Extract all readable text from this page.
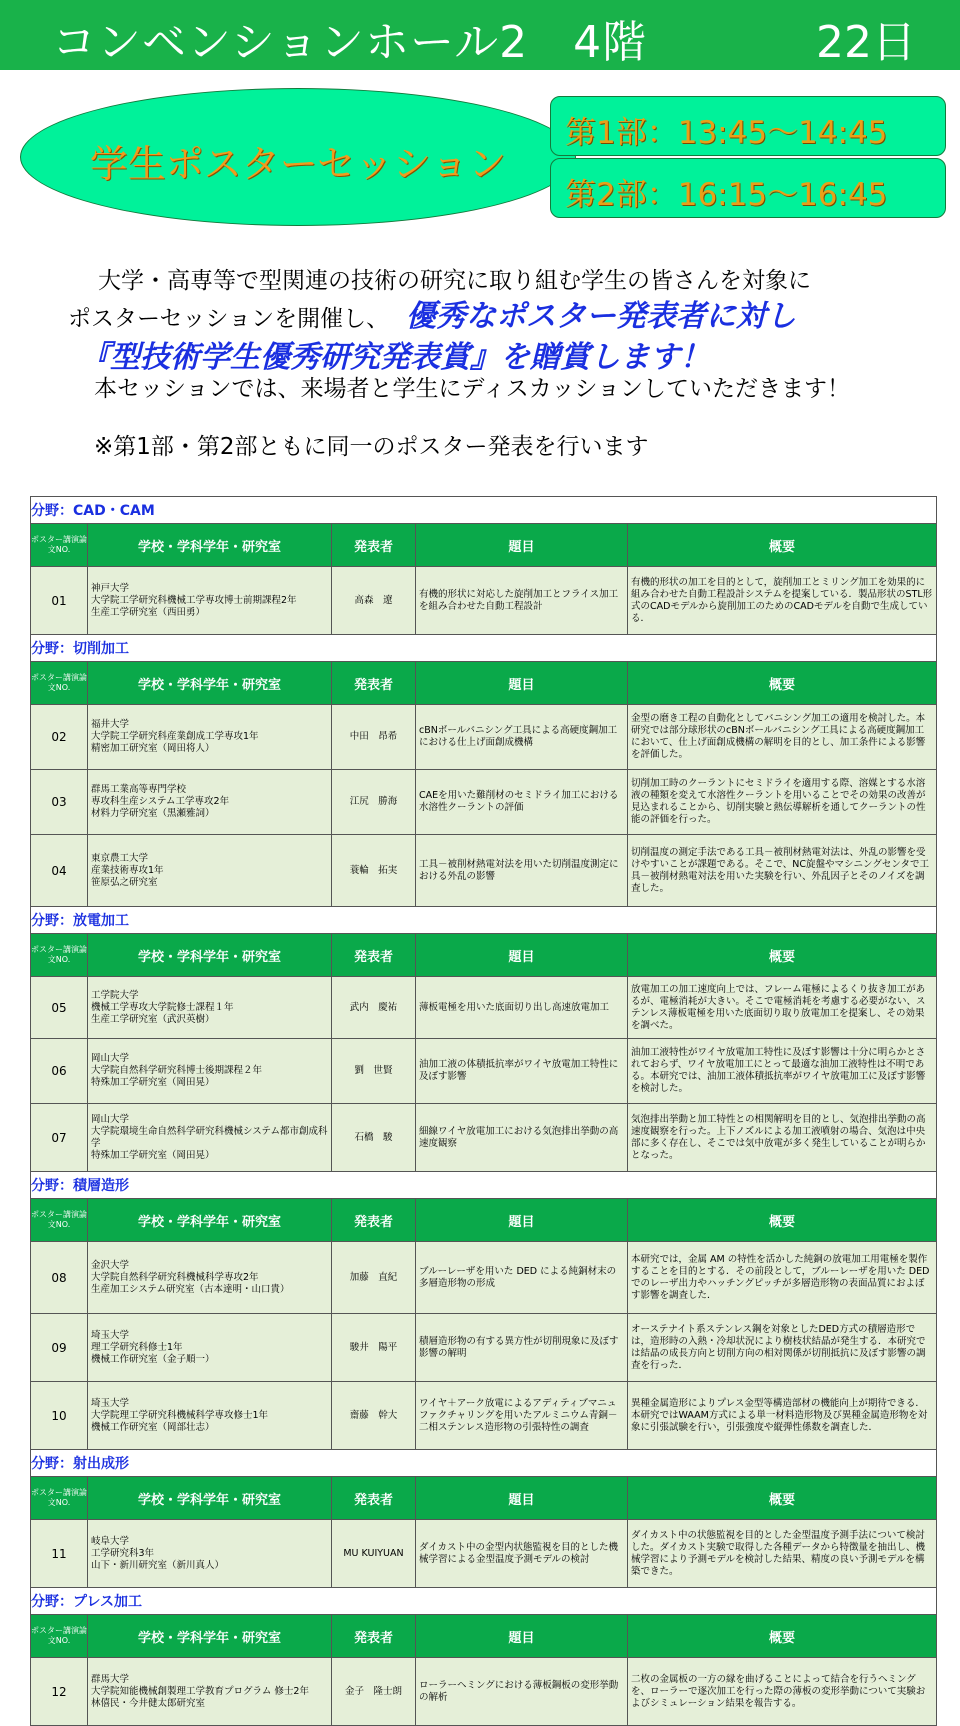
コンベンションホール2　4階	22日
学生ポスターセッション
第1部：13:45〜14:45
第2部：16:15〜16:45
大学・高専等で型関連の技術の研究に取り組む学生の皆さんを対象に
ポスターセッションを開催し、 優秀なポスター発表者に対し
『型技術学生優秀研究発表賞』を贈賞します！
本セッションでは、来場者と学生にディスカッションしていただきます！
※第1部・第2部ともに同一のポスター発表を行います
分野：CAD・CAM				
ポスター講演論文NO.	学校・学科学年・研究室	発表者	題目	概要
01	神戸大学
大学院工学研究科機械工学専攻博士前期課程2年
生産工学研究室（西田勇）	高森　遼	有機的形状に対応した旋削加工とフライス加工を組み合わせた自動工程設計	有機的形状の加工を目的として，旋削加工とミリング加工を効果的に組み合わせた自動工程設計システムを提案している．製品形状のSTL形式のCADモデルから旋削加工のためのCADモデルを自動で生成している．
分野：切削加工				
ポスター講演論文NO.	学校・学科学年・研究室	発表者	題目	概要
02	福井大学
大学院工学研究科産業創成工学専攻1年
精密加工研究室（岡田将人）	中田　昂希	cBNボールバニシング工具による高硬度鋼加工における仕上げ面創成機構	金型の磨き工程の自動化としてバニシング加工の適用を検討した。本研究では部分球形状のcBNボールバニシング工具による高硬度鋼加工において、仕上げ面創成機構の解明を目的とし、加工条件による影響を評価した。
03	群馬工業高等専門学校
専攻科生産システム工学専攻2年
材料力学研究室（黒瀬雅詞）	江尻　勝海	CAEを用いた難削材のセミドライ加工における水溶性クーラントの評価	切削加工時のクーラントにセミドライを適用する際、溶媒とする水溶液の種類を変えて水溶性クーラントを用いることでその効果の改善が見込まれることから、切削実験と熱伝導解析を通してクーラントの性能の評価を行った。
04	東京農工大学
産業技術専攻1年
笹原弘之研究室	蓑輪　拓実	工具－被削材熱電対法を用いた切削温度測定における外乱の影響	切削温度の測定手法である工具－被削材熱電対法は、外乱の影響を受けやすいことが課題である。そこで、NC旋盤やマシニングセンタで工具－被削材熱電対法を用いた実験を行い、外乱因子とそのノイズを調査した。
分野：放電加工				
ポスター講演論文NO.	学校・学科学年・研究室	発表者	題目	概要
05	工学院大学
機械工学専攻大学院修士課程１年
生産工学研究室（武沢英樹）	武内　慶祐	薄板電極を用いた底面切り出し高速放電加工	放電加工の加工速度向上では、フレーム電極によるくり抜き加工があるが、電極消耗が大きい。そこで電極消耗を考慮する必要がない、ステンレス薄板電極を用いた底面切り取り放電加工を提案し、その効果を調べた。
06	岡山大学
大学院自然科学研究科博士後期課程２年
特殊加工学研究室（岡田晃）	劉　世賢	油加工液の体積抵抗率がワイヤ放電加工特性に及ぼす影響	油加工液特性がワイヤ放電加工特性に及ぼす影響は十分に明らかとされておらず、ワイヤ放電加工にとって最適な油加工液特性は不明である。本研究では、油加工液体積抵抗率がワイヤ放電加工に及ぼす影響を検討した。
07	岡山大学
大学院環境生命自然科学研究科機械システム都市創成科学
特殊加工学研究室（岡田晃）	石橋　駿	細線ワイヤ放電加工における気泡排出挙動の高速度観察	気泡排出挙動と加工特性との相関解明を目的とし、気泡排出挙動の高速度観察を行った。上下ノズルによる加工液噴射の場合、気泡は中央部に多く存在し、そこでは気中放電が多く発生していることが明らかとなった。
分野：積層造形				
ポスター講演論文NO.	学校・学科学年・研究室	発表者	題目	概要
08	金沢大学
大学院自然科学研究科機械科学専攻2年
生産加工システム研究室（古本達明・山口貴）	加藤　直紀	ブルーレーザを用いた DED による純銅材末の多層造形物の形成	本研究では，金属 AM の特性を活かした純銅の放電加工用電極を製作することを目的とする．その前段として，ブルーレーザを用いた DEDでのレーザ出力やハッチングピッチが多層造形物の表面品質におよぼす影響を調査した．
09	埼玉大学
理工学研究科修士1年
機械工作研究室（金子順一）	駿井　陽平	積層造形物の有する異方性が切削現象に及ぼす影響の解明	オーステナイト系ステンレス鋼を対象としたDED方式の積層造形では，造形時の入熱・冷却状況により樹枝状結晶が発生する．本研究では結晶の成長方向と切削方向の相対関係が切削抵抗に及ぼす影響の調査を行った．
10	埼玉大学
大学院理工学研究科機械科学専攻修士1年
機械工作研究室（岡部壮志）	齋藤　幹大	ワイヤ＋アーク放電によるアディティブマニュファクチャリングを用いたアルミニウム青銅－二相ステンレス造形物の引張特性の調査	異種金属造形によりプレス金型等構造部材の機能向上が期待できる．本研究ではWAAM方式による単一材料造形物及び異種金属造形物を対象に引張試験を行い，引張強度や縦弾性係数を調査した．
分野：射出成形				
ポスター講演論文NO.	学校・学科学年・研究室	発表者	題目	概要
11	岐阜大学
工学研究科3年
山下・新川研究室（新川真人）	MU KUIYUAN	ダイカスト中の金型内状態監視を目的とした機械学習による金型温度予測モデルの検討	ダイカスト中の状態監視を目的とした金型温度予測手法について検討した。ダイカスト実験で取得した各種データから特徴量を抽出し、機械学習により予測モデルを検討した結果、精度の良い予測モデルを構築できた。
分野：プレス加工				
ポスター講演論文NO.	学校・学科学年・研究室	発表者	題目	概要
12	群馬大学
大学院知能機械創製理工学教育プログラム 修士2年
林僖民・今井健太郎研究室	金子　隆士朗	ローラーヘミングにおける薄板鋼板の変形挙動の解析	二枚の金属板の一方の縁を曲げることによって結合を行うヘミングを、ローラーで逐次加工を行った際の薄板の変形挙動について実験およびシミュレーション結果を報告する。
